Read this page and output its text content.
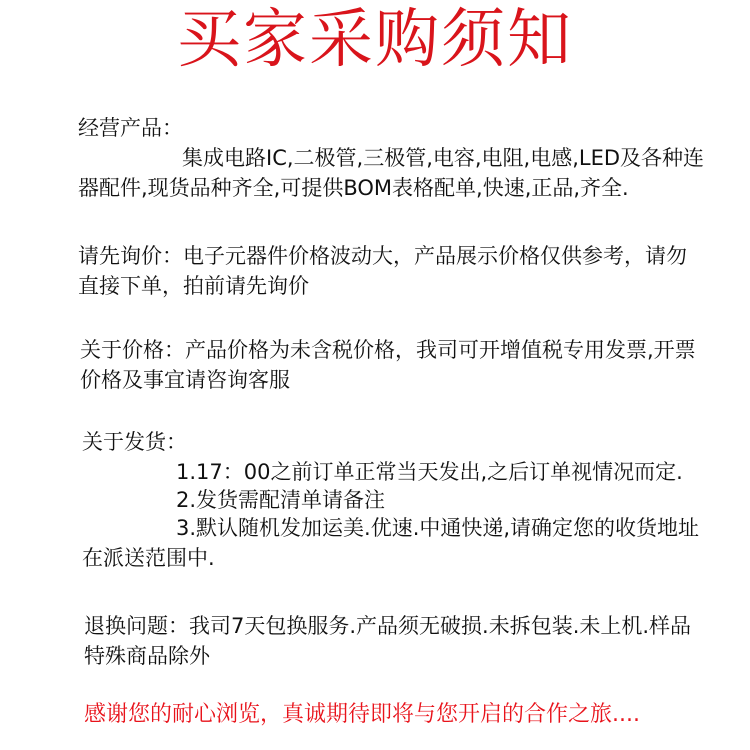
买家采购须知
经营产品：
集成电路IC,二极管,三极管,电容,电阻,电感,LED及各种连
器配件,现货品种齐全,可提供BOM表格配单,快速,正品,齐全.
请先询价：电子元器件价格波动大，产品展示价格仅供参考，请勿
直接下单，拍前请先询价
关于价格：产品价格为未含税价格，我司可开增值税专用发票,开票
价格及事宜请咨询客服
关于发货：
1.17：00之前订单正常当天发出,之后订单视情况而定.
2.发货需配清单请备注
3.默认随机发加运美.优速.中通快递,请确定您的收货地址
在派送范围中.
退换问题：我司7天包换服务.产品须无破损.未拆包装.未上机.样品
特殊商品除外
感谢您的耐心浏览，真诚期待即将与您开启的合作之旅....
